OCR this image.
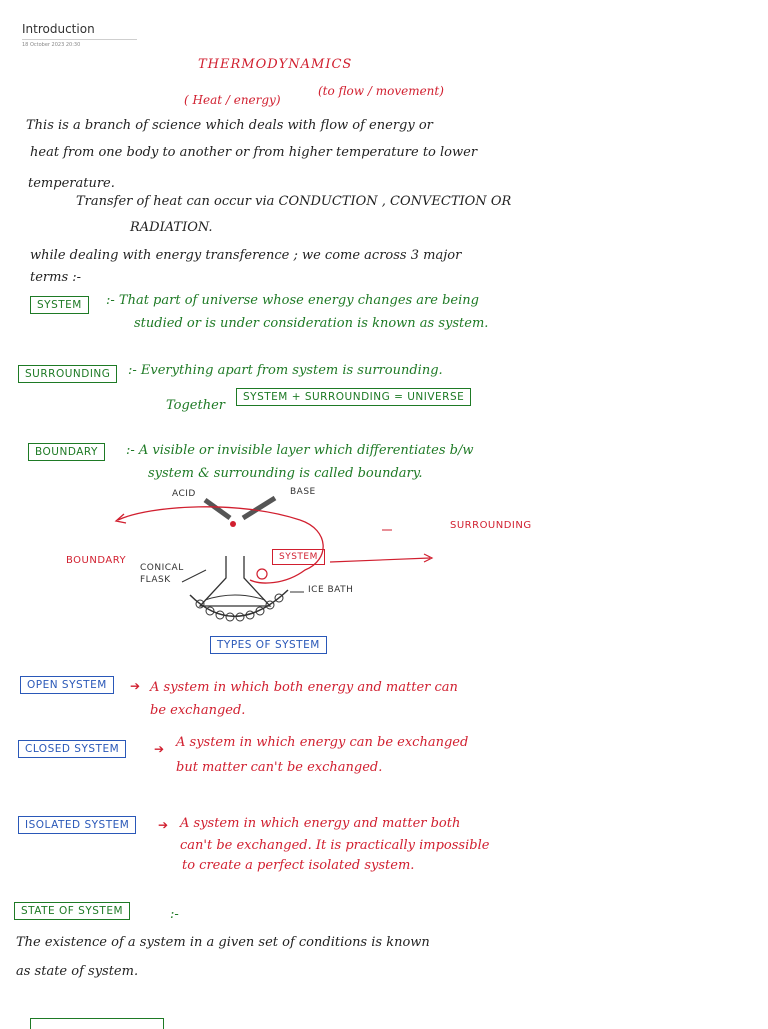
Introduction
18 October 2023 20:30
THERMODYNAMICS
( Heat / energy)
(to flow / movement)
This is a branch of science which deals with flow of energy or
heat from one body to another or from higher temperature to lower
temperature.
Transfer of heat can occur via CONDUCTION , CONVECTION OR
RADIATION.
while dealing with energy transference ; we come across 3 major
terms :-
SYSTEM	:- That part of universe whose energy changes are being
studied or is under consideration is known as system.
SURROUNDING	:- Everything apart from system is surrounding.
Together
SYSTEM + SURROUNDING = UNIVERSE
BOUNDARY	:- A visible or invisible layer which differentiates b/w
system & surrounding is called boundary.
ACID	BASE
SYSTEM
SURROUNDING
BOUNDARY
CONICAL FLASK
ICE BATH
TYPES OF SYSTEM
OPEN SYSTEM	➔ A system in which both energy and matter can
be exchanged.
CLOSED SYSTEM	➔ A system in which energy can be exchanged
but matter can't be exchanged.
ISOLATED SYSTEM	➔ A system in which energy and matter both
can't be exchanged. It is practically impossible
to create a perfect isolated system.
STATE OF SYSTEM	:-
The existence of a system in a given set of conditions is known
as state of system.
